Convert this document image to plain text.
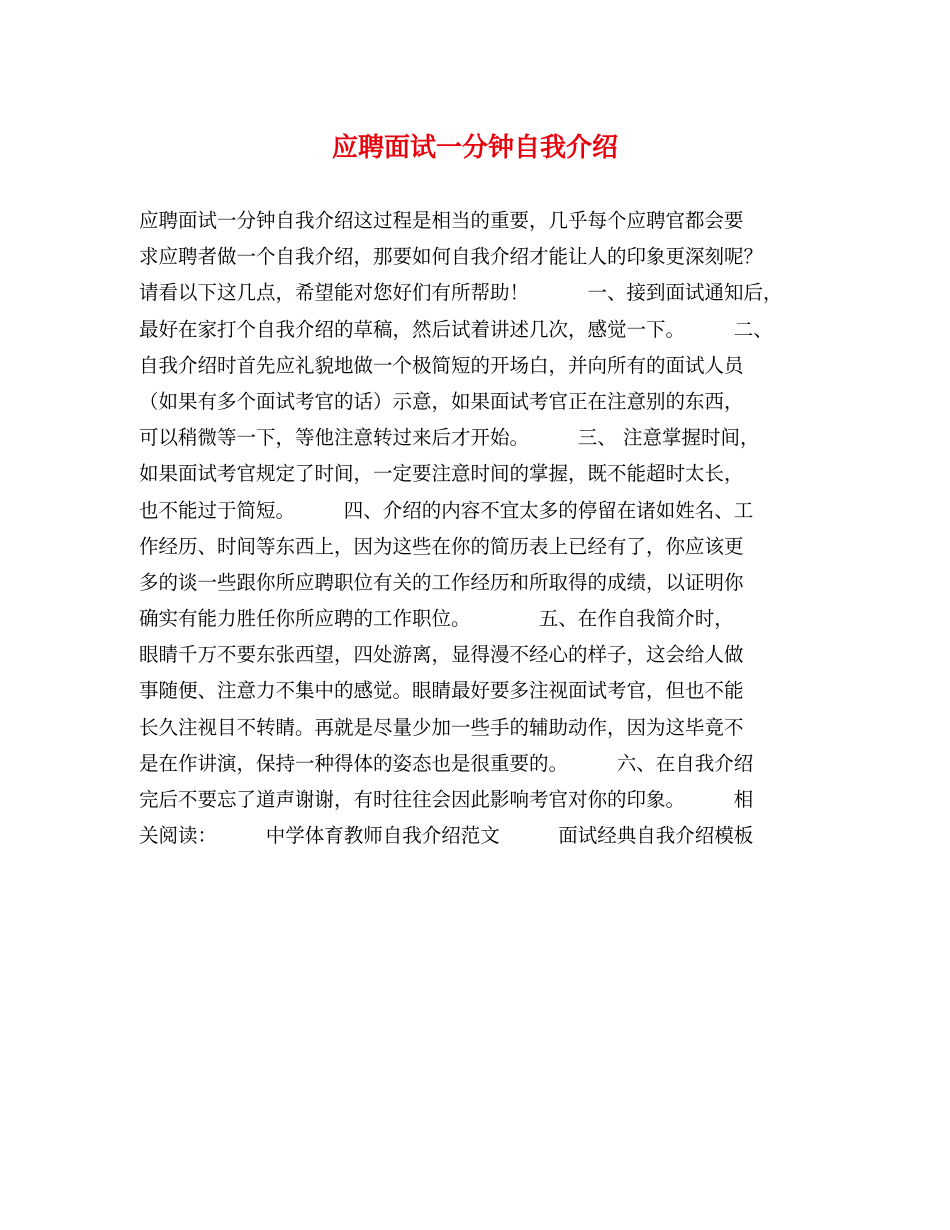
应聘面试一分钟自我介绍
应聘面试一分钟自我介绍这过程是相当的重要，几乎每个应聘官都会要
求应聘者做一个自我介绍，那要如何自我介绍才能让人的印象更深刻呢？
请看以下这几点，希望能对您好们有所帮助！　　　一、接到面试通知后，
最好在家打个自我介绍的草稿，然后试着讲述几次，感觉一下。　　　二、
自我介绍时首先应礼貌地做一个极简短的开场白，并向所有的面试人员
（如果有多个面试考官的话）示意，如果面试考官正在注意别的东西，
可以稍微等一下，等他注意转过来后才开始。　　　三、 注意掌握时间，
如果面试考官规定了时间，一定要注意时间的掌握，既不能超时太长，
也不能过于简短。　　　四、介绍的内容不宜太多的停留在诸如姓名、工
作经历、时间等东西上，因为这些在你的简历表上已经有了，你应该更
多的谈一些跟你所应聘职位有关的工作经历和所取得的成绩，以证明你
确实有能力胜任你所应聘的工作职位。　　　　五、在作自我简介时，
眼睛千万不要东张西望，四处游离，显得漫不经心的样子，这会给人做
事随便、注意力不集中的感觉。眼睛最好要多注视面试考官，但也不能
长久注视目不转睛。再就是尽量少加一些手的辅助动作，因为这毕竟不
是在作讲演，保持一种得体的姿态也是很重要的。　　　六、在自我介绍
完后不要忘了道声谢谢，有时往往会因此影响考官对你的印象。　　　相
关阅读：　　　中学体育教师自我介绍范文　　　面试经典自我介绍模板
